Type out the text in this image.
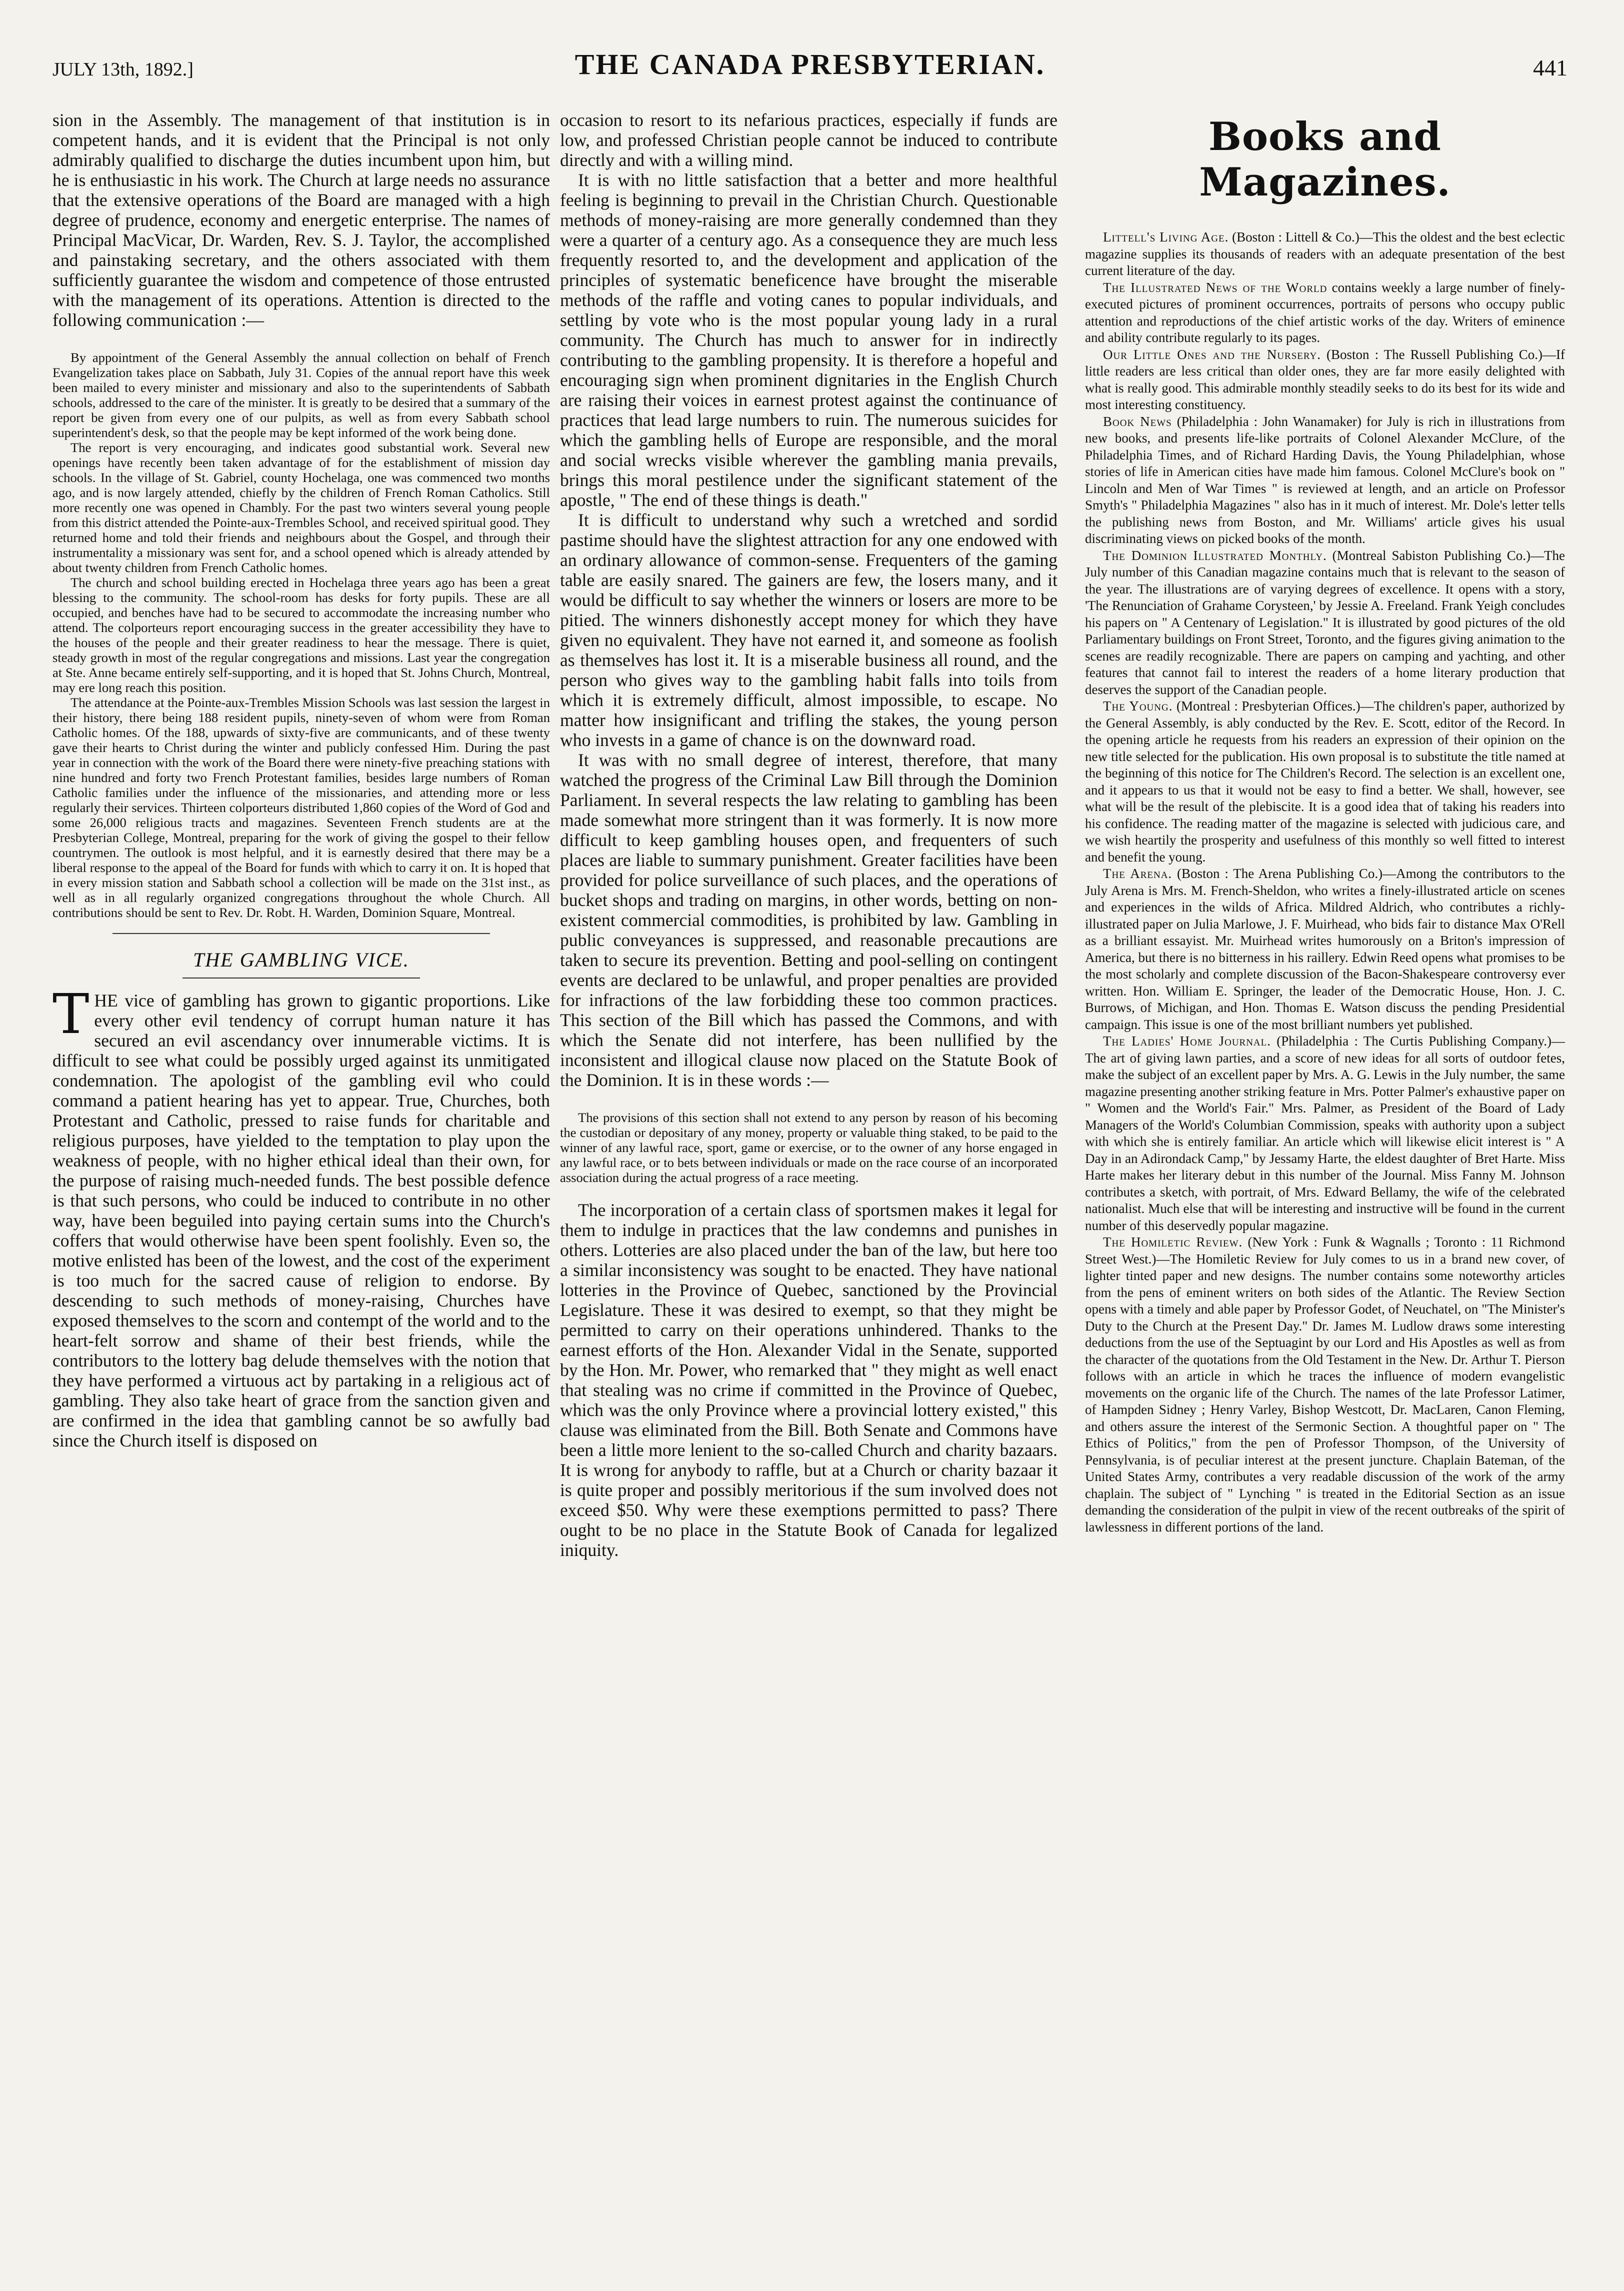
JULY 13th, 1892.]	THE CANADA PRESBYTERIAN.	441

sion in the Assembly. The management of that institution is in competent hands, and it is evident that the Principal is not only admirably qualified to discharge the duties incumbent upon him, but he is enthusiastic in his work. The Church at large needs no assurance that the extensive operations of the Board are managed with a high degree of prudence, economy and energetic enterprise. The names of Principal MacVicar, Dr. Warden, Rev. S. J. Taylor, the accomplished and painstaking secretary, and the others associated with them sufficiently guarantee the wisdom and competence of those entrusted with the management of its operations. Attention is directed to the following communication :—

By appointment of the General Assembly the annual collection on behalf of French Evangelization takes place on Sabbath, July 31. Copies of the annual report have this week been mailed to every minister and missionary and also to the superintendents of Sabbath schools, addressed to the care of the minister. It is greatly to be desired that a summary of the report be given from every one of our pulpits, as well as from every Sabbath school superintendent's desk, so that the people may be kept informed of the work being done.

The report is very encouraging, and indicates good substantial work. Several new openings have recently been taken advantage of for the establishment of mission day schools. In the village of St. Gabriel, county Hochelaga, one was commenced two months ago, and is now largely attended, chiefly by the children of French Roman Catholics. Still more recently one was opened in Chambly. For the past two winters several young people from this district attended the Pointe-aux-Trembles School, and received spiritual good. They returned home and told their friends and neighbours about the Gospel, and through their instrumentality a missionary was sent for, and a school opened which is already attended by about twenty children from French Catholic homes.

The church and school building erected in Hochelaga three years ago has been a great blessing to the community. The school-room has desks for forty pupils. These are all occupied, and benches have had to be secured to accommodate the increasing number who attend. The colporteurs report encouraging success in the greater accessibility they have to the houses of the people and their greater readiness to hear the message. There is quiet, steady growth in most of the regular congregations and missions. Last year the congregation at Ste. Anne became entirely self-supporting, and it is hoped that St. Johns Church, Montreal, may ere long reach this position.

The attendance at the Pointe-aux-Trembles Mission Schools was last session the largest in their history, there being 188 resident pupils, ninety-seven of whom were from Roman Catholic homes. Of the 188, upwards of sixty-five are communicants, and of these twenty gave their hearts to Christ during the winter and publicly confessed Him. During the past year in connection with the work of the Board there were ninety-five preaching stations with nine hundred and forty two French Protestant families, besides large numbers of Roman Catholic families under the influence of the missionaries, and attending more or less regularly their services. Thirteen colporteurs distributed 1,860 copies of the Word of God and some 26,000 religious tracts and magazines. Seventeen French students are at the Presbyterian College, Montreal, preparing for the work of giving the gospel to their fellow countrymen. The outlook is most helpful, and it is earnestly desired that there may be a liberal response to the appeal of the Board for funds with which to carry it on. It is hoped that in every mission station and Sabbath school a collection will be made on the 31st inst., as well as in all regularly organized congregations throughout the whole Church. All contributions should be sent to Rev. Dr. Robt. H. Warden, Dominion Square, Montreal.

THE GAMBLING VICE.

THE vice of gambling has grown to gigantic proportions. Like every other evil tendency of corrupt human nature it has secured an evil ascendancy over innumerable victims. It is difficult to see what could be possibly urged against its unmitigated condemnation. The apologist of the gambling evil who could command a patient hearing has yet to appear. True, Churches, both Protestant and Catholic, pressed to raise funds for charitable and religious purposes, have yielded to the temptation to play upon the weakness of people, with no higher ethical ideal than their own, for the purpose of raising much-needed funds. The best possible defence is that such persons, who could be induced to contribute in no other way, have been beguiled into paying certain sums into the Church's coffers that would otherwise have been spent foolishly. Even so, the motive enlisted has been of the lowest, and the cost of the experiment is too much for the sacred cause of religion to endorse. By descending to such methods of money-raising, Churches have exposed themselves to the scorn and contempt of the world and to the heart-felt sorrow and shame of their best friends, while the contributors to the lottery bag delude themselves with the notion that they have performed a virtuous act by partaking in a religious act of gambling. They also take heart of grace from the sanction given and are confirmed in the idea that gambling cannot be so awfully bad since the Church itself is disposed on

occasion to resort to its nefarious practices, especially if funds are low, and professed Christian people cannot be induced to contribute directly and with a willing mind.

It is with no little satisfaction that a better and more healthful feeling is beginning to prevail in the Christian Church. Questionable methods of money-raising are more generally condemned than they were a quarter of a century ago. As a consequence they are much less frequently resorted to, and the development and application of the principles of systematic beneficence have brought the miserable methods of the raffle and voting canes to popular individuals, and settling by vote who is the most popular young lady in a rural community. The Church has much to answer for in indirectly contributing to the gambling propensity. It is therefore a hopeful and encouraging sign when prominent dignitaries in the English Church are raising their voices in earnest protest against the continuance of practices that lead large numbers to ruin. The numerous suicides for which the gambling hells of Europe are responsible, and the moral and social wrecks visible wherever the gambling mania prevails, brings this moral pestilence under the significant statement of the apostle, " The end of these things is death."

It is difficult to understand why such a wretched and sordid pastime should have the slightest attraction for any one endowed with an ordinary allowance of common-sense. Frequenters of the gaming table are easily snared. The gainers are few, the losers many, and it would be difficult to say whether the winners or losers are more to be pitied. The winners dishonestly accept money for which they have given no equivalent. They have not earned it, and someone as foolish as themselves has lost it. It is a miserable business all round, and the person who gives way to the gambling habit falls into toils from which it is extremely difficult, almost impossible, to escape. No matter how insignificant and trifling the stakes, the young person who invests in a game of chance is on the downward road.

It was with no small degree of interest, therefore, that many watched the progress of the Criminal Law Bill through the Dominion Parliament. In several respects the law relating to gambling has been made somewhat more stringent than it was formerly. It is now more difficult to keep gambling houses open, and frequenters of such places are liable to summary punishment. Greater facilities have been provided for police surveillance of such places, and the operations of bucket shops and trading on margins, in other words, betting on non-existent commercial commodities, is prohibited by law. Gambling in public conveyances is suppressed, and reasonable precautions are taken to secure its prevention. Betting and pool-selling on contingent events are declared to be unlawful, and proper penalties are provided for infractions of the law forbidding these too common practices. This section of the Bill which has passed the Commons, and with which the Senate did not interfere, has been nullified by the inconsistent and illogical clause now placed on the Statute Book of the Dominion. It is in these words :—

The provisions of this section shall not extend to any person by reason of his becoming the custodian or depositary of any money, property or valuable thing staked, to be paid to the winner of any lawful race, sport, game or exercise, or to the owner of any horse engaged in any lawful race, or to bets between individuals or made on the race course of an incorporated association during the actual progress of a race meeting.

The incorporation of a certain class of sportsmen makes it legal for them to indulge in practices that the law condemns and punishes in others. Lotteries are also placed under the ban of the law, but here too a similar inconsistency was sought to be enacted. They have national lotteries in the Province of Quebec, sanctioned by the Provincial Legislature. These it was desired to exempt, so that they might be permitted to carry on their operations unhindered. Thanks to the earnest efforts of the Hon. Alexander Vidal in the Senate, supported by the Hon. Mr. Power, who remarked that " they might as well enact that stealing was no crime if committed in the Province of Quebec, which was the only Province where a provincial lottery existed," this clause was eliminated from the Bill. Both Senate and Commons have been a little more lenient to the so-called Church and charity bazaars. It is wrong for anybody to raffle, but at a Church or charity bazaar it is quite proper and possibly meritorious if the sum involved does not exceed $50. Why were these exemptions permitted to pass? There ought to be no place in the Statute Book of Canada for legalized iniquity.

Books and Magazines.

Littell's Living Age. (Boston : Littell & Co.)—This the oldest and the best eclectic magazine supplies its thousands of readers with an adequate presentation of the best current literature of the day.

The Illustrated News of the World contains weekly a large number of finely-executed pictures of prominent occurrences, portraits of persons who occupy public attention and reproductions of the chief artistic works of the day. Writers of eminence and ability contribute regularly to its pages.

Our Little Ones and the Nursery. (Boston : The Russell Publishing Co.)—If little readers are less critical than older ones, they are far more easily delighted with what is really good. This admirable monthly steadily seeks to do its best for its wide and most interesting constituency.

Book News (Philadelphia : John Wanamaker) for July is rich in illustrations from new books, and presents life-like portraits of Colonel Alexander McClure, of the Philadelphia Times, and of Richard Harding Davis, the Young Philadelphian, whose stories of life in American cities have made him famous. Colonel McClure's book on " Lincoln and Men of War Times " is reviewed at length, and an article on Professor Smyth's " Philadelphia Magazines " also has in it much of interest. Mr. Dole's letter tells the publishing news from Boston, and Mr. Williams' article gives his usual discriminating views on picked books of the month.

The Dominion Illustrated Monthly. (Montreal Sabiston Publishing Co.)—The July number of this Canadian magazine contains much that is relevant to the season of the year. The illustrations are of varying degrees of excellence. It opens with a story, 'The Renunciation of Grahame Corysteen,' by Jessie A. Freeland. Frank Yeigh concludes his papers on " A Centenary of Legislation." It is illustrated by good pictures of the old Parliamentary buildings on Front Street, Toronto, and the figures giving animation to the scenes are readily recognizable. There are papers on camping and yachting, and other features that cannot fail to interest the readers of a home literary production that deserves the support of the Canadian people.

The Young. (Montreal : Presbyterian Offices.)—The children's paper, authorized by the General Assembly, is ably conducted by the Rev. E. Scott, editor of the Record. In the opening article he requests from his readers an expression of their opinion on the new title selected for the publication. His own proposal is to substitute the title named at the beginning of this notice for The Children's Record. The selection is an excellent one, and it appears to us that it would not be easy to find a better. We shall, however, see what will be the result of the plebiscite. It is a good idea that of taking his readers into his confidence. The reading matter of the magazine is selected with judicious care, and we wish heartily the prosperity and usefulness of this monthly so well fitted to interest and benefit the young.

The Arena. (Boston : The Arena Publishing Co.)—Among the contributors to the July Arena is Mrs. M. French-Sheldon, who writes a finely-illustrated article on scenes and experiences in the wilds of Africa. Mildred Aldrich, who contributes a richly-illustrated paper on Julia Marlowe, J. F. Muirhead, who bids fair to distance Max O'Rell as a brilliant essayist. Mr. Muirhead writes humorously on a Briton's impression of America, but there is no bitterness in his raillery. Edwin Reed opens what promises to be the most scholarly and complete discussion of the Bacon-Shakespeare controversy ever written. Hon. William E. Springer, the leader of the Democratic House, Hon. J. C. Burrows, of Michigan, and Hon. Thomas E. Watson discuss the pending Presidential campaign. This issue is one of the most brilliant numbers yet published.

The Ladies' Home Journal. (Philadelphia : The Curtis Publishing Company.)—The art of giving lawn parties, and a score of new ideas for all sorts of outdoor fetes, make the subject of an excellent paper by Mrs. A. G. Lewis in the July number, the same magazine presenting another striking feature in Mrs. Potter Palmer's exhaustive paper on " Women and the World's Fair." Mrs. Palmer, as President of the Board of Lady Managers of the World's Columbian Commission, speaks with authority upon a subject with which she is entirely familiar. An article which will likewise elicit interest is " A Day in an Adirondack Camp," by Jessamy Harte, the eldest daughter of Bret Harte. Miss Harte makes her literary debut in this number of the Journal. Miss Fanny M. Johnson contributes a sketch, with portrait, of Mrs. Edward Bellamy, the wife of the celebrated nationalist. Much else that will be interesting and instructive will be found in the current number of this deservedly popular magazine.

The Homiletic Review. (New York : Funk & Wagnalls ; Toronto : 11 Richmond Street West.)—The Homiletic Review for July comes to us in a brand new cover, of lighter tinted paper and new designs. The number contains some noteworthy articles from the pens of eminent writers on both sides of the Atlantic. The Review Section opens with a timely and able paper by Professor Godet, of Neuchatel, on "The Minister's Duty to the Church at the Present Day." Dr. James M. Ludlow draws some interesting deductions from the use of the Septuagint by our Lord and His Apostles as well as from the character of the quotations from the Old Testament in the New. Dr. Arthur T. Pierson follows with an article in which he traces the influence of modern evangelistic movements on the organic life of the Church. The names of the late Professor Latimer, of Hampden Sidney ; Henry Varley, Bishop Westcott, Dr. MacLaren, Canon Fleming, and others assure the interest of the Sermonic Section. A thoughtful paper on " The Ethics of Politics," from the pen of Professor Thompson, of the University of Pennsylvania, is of peculiar interest at the present juncture. Chaplain Bateman, of the United States Army, contributes a very readable discussion of the work of the army chaplain. The subject of " Lynching " is treated in the Editorial Section as an issue demanding the consideration of the pulpit in view of the recent outbreaks of the spirit of lawlessness in different portions of the land.
